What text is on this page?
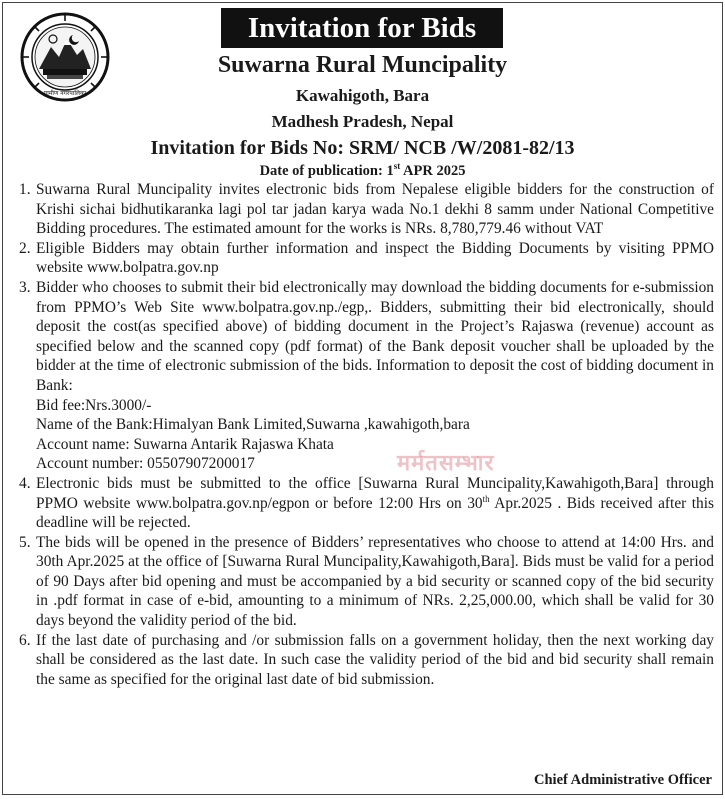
ग्रामीण नगरपालिका
Invitation for Bids
Suwarna Rural Muncipality
Kawahigoth, Bara
Madhesh Pradesh, Nepal
Invitation for Bids No: SRM/ NCB /W/2081-82/13
Date of publication: 1st APR 2025
1. Suwarna Rural Muncipality invites electronic bids from Nepalese eligible bidders for the construction of Krishi sichai bidhutikaranka lagi pol tar jadan karya wada No.1 dekhi 8 samm under National Competitive Bidding procedures. The estimated amount for the works is NRs. 8,780,779.46 without VAT
2. Eligible Bidders may obtain further information and inspect the Bidding Documents by visiting PPMO website www.bolpatra.gov.np
3. Bidder who chooses to submit their bid electronically may download the bidding documents for e-submission from PPMO’s Web Site www.bolpatra.gov.np./egp,. Bidders, submitting their bid electronically, should deposit the cost(as specified above) of bidding document in the Project’s Rajaswa (revenue) account as specified below and the scanned copy (pdf format) of the Bank deposit voucher shall be uploaded by the bidder at the time of electronic submission of the bids. Information to deposit the cost of bidding document in Bank:
Bid fee:Nrs.3000/-
Name of the Bank:Himalyan Bank Limited,Suwarna ,kawahigoth,bara
Account name: Suwarna Antarik Rajaswa Khata
Account number: 05507907200017
4. Electronic bids must be submitted to the office [Suwarna Rural Muncipality,Kawahigoth,Bara] through PPMO website www.bolpatra.gov.np/egpon or before 12:00 Hrs on 30th Apr.2025 . Bids received after this deadline will be rejected.
5. The bids will be opened in the presence of Bidders’ representatives who choose to attend at 14:00 Hrs. and 30th Apr.2025 at the office of [Suwarna Rural Muncipality,Kawahigoth,Bara]. Bids must be valid for a period of 90 Days after bid opening and must be accompanied by a bid security or scanned copy of the bid security in .pdf format in case of e-bid, amounting to a minimum of NRs. 2,25,000.00, which shall be valid for 30 days beyond the validity period of the bid.
6. If the last date of purchasing and /or submission falls on a government holiday, then the next working day shall be considered as the last date. In such case the validity period of the bid and bid security shall remain the same as specified for the original last date of bid submission.
मर्मतसम्भार
Chief Administrative Officer
